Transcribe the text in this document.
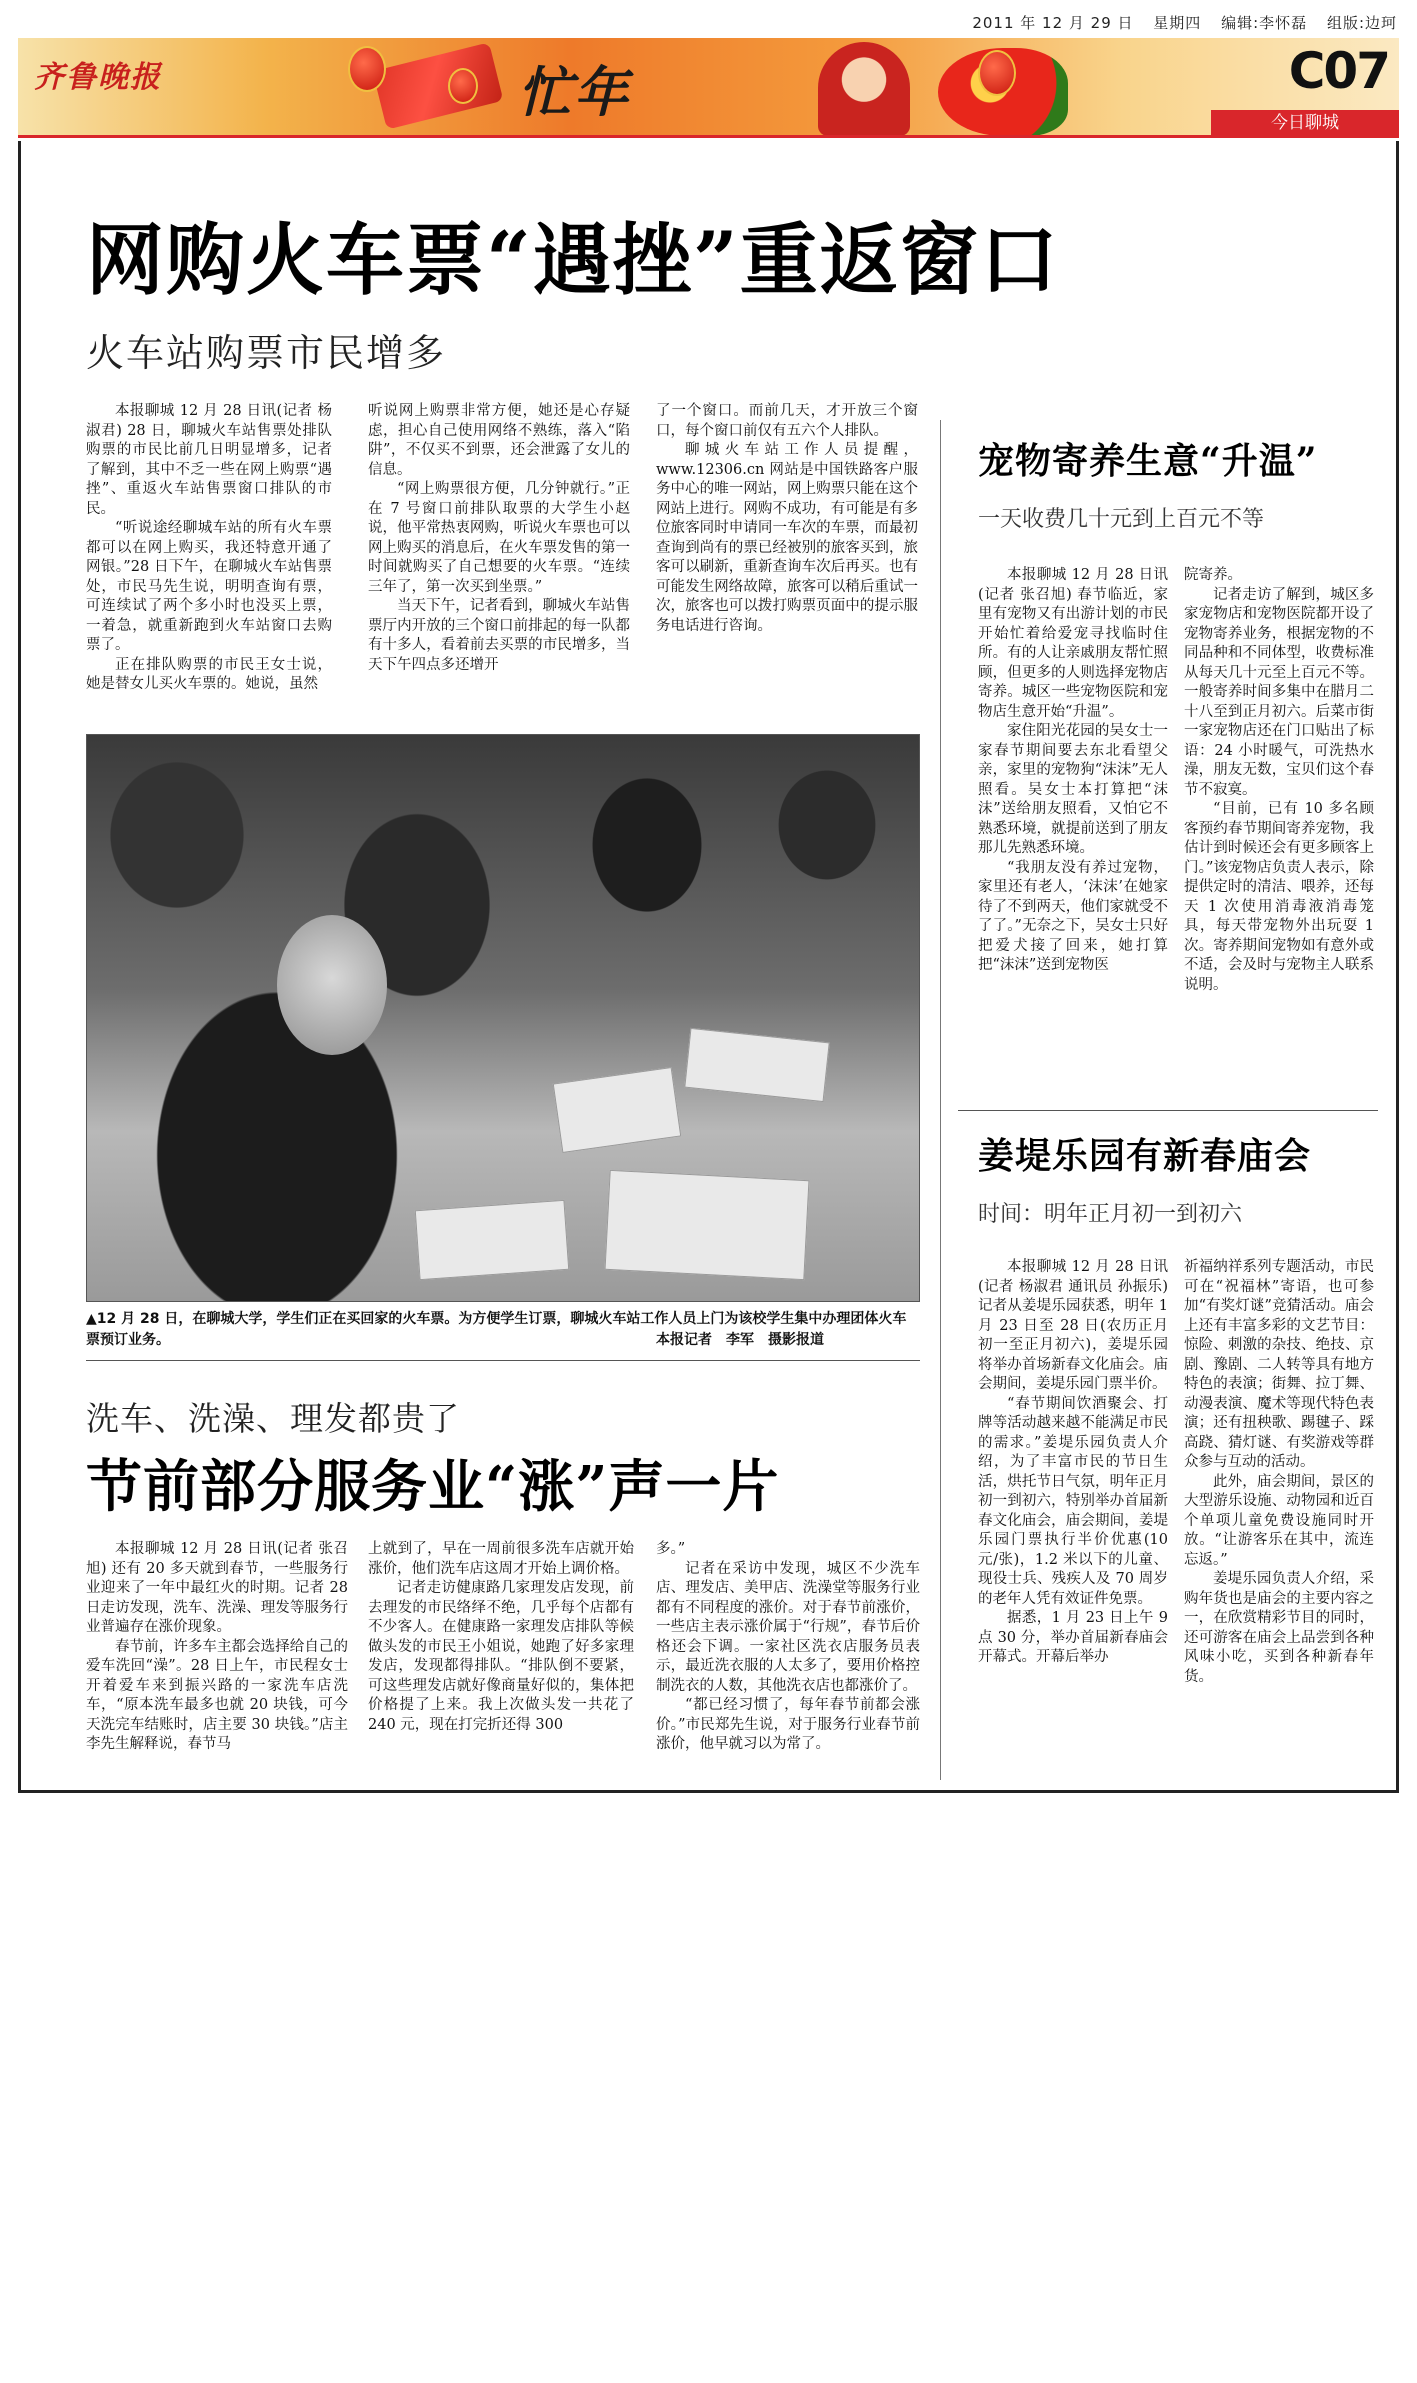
2011 年 12 月 29 日 星期四 编辑:李怀磊 组版:边珂
齐鲁晚报	忙年	C07
今日聊城
网购火车票“遇挫”重返窗口
火车站购票市民增多

本报聊城 12 月 28 日讯(记者 杨淑君) 28 日，聊城火车站售票处排队购票的市民比前几日明显增多，记者了解到，其中不乏一些在网上购票“遇挫”、重返火车站售票窗口排队的市民。

“听说途经聊城车站的所有火车票都可以在网上购买，我还特意开通了网银。”28 日下午，在聊城火车站售票处，市民马先生说，明明查询有票，可连续试了两个多小时也没买上票，一着急，就重新跑到火车站窗口去购票了。

正在排队购票的市民王女士说，她是替女儿买火车票的。她说，虽然

听说网上购票非常方便，她还是心存疑虑，担心自己使用网络不熟练，落入“陷阱”，不仅买不到票，还会泄露了女儿的信息。

“网上购票很方便，几分钟就行。”正在 7 号窗口前排队取票的大学生小赵说，他平常热衷网购，听说火车票也可以网上购买的消息后，在火车票发售的第一时间就购买了自己想要的火车票。“连续三年了，第一次买到坐票。”

当天下午，记者看到，聊城火车站售票厅内开放的三个窗口前排起的每一队都有十多人，看着前去买票的市民增多，当天下午四点多还增开

了一个窗口。而前几天，才开放三个窗口，每个窗口前仅有五六个人排队。

聊城火车站工作人员提醒，www.12306.cn 网站是中国铁路客户服务中心的唯一网站，网上购票只能在这个网站上进行。网购不成功，有可能是有多位旅客同时申请同一车次的车票，而最初查询到尚有的票已经被别的旅客买到，旅客可以刷新，重新查询车次后再买。也有可能发生网络故障，旅客可以稍后重试一次，旅客也可以拨打购票页面中的提示服务电话进行咨询。

▲12 月 28 日，在聊城大学，学生们正在买回家的火车票。为方便学生订票，聊城火车站工作人员上门为该校学生集中办理团体火车票预订业务。	本报记者　李军　摄影报道
洗车、洗澡、理发都贵了
节前部分服务业“涨”声一片

本报聊城 12 月 28 日讯(记者 张召旭) 还有 20 多天就到春节，一些服务行业迎来了一年中最红火的时期。记者 28 日走访发现，洗车、洗澡、理发等服务行业普遍存在涨价现象。

春节前，许多车主都会选择给自己的爱车洗回“澡”。28 日上午，市民程女士开着爱车来到振兴路的一家洗车店洗车，“原本洗车最多也就 20 块钱，可今天洗完车结账时，店主要 30 块钱。”店主李先生解释说，春节马

上就到了，早在一周前很多洗车店就开始涨价，他们洗车店这周才开始上调价格。

记者走访健康路几家理发店发现，前去理发的市民络绎不绝，几乎每个店都有不少客人。在健康路一家理发店排队等候做头发的市民王小姐说，她跑了好多家理发店，发现都得排队。“排队倒不要紧，可这些理发店就好像商量好似的，集体把价格提了上来。我上次做头发一共花了 240 元，现在打完折还得 300

多。”

记者在采访中发现，城区不少洗车店、理发店、美甲店、洗澡堂等服务行业都有不同程度的涨价。对于春节前涨价，一些店主表示涨价属于“行规”，春节后价格还会下调。一家社区洗衣店服务员表示，最近洗衣服的人太多了，要用价格控制洗衣的人数，其他洗衣店也都涨价了。

“都已经习惯了，每年春节前都会涨价。”市民郑先生说，对于服务行业春节前涨价，他早就习以为常了。

宠物寄养生意“升温”
一天收费几十元到上百元不等

本报聊城 12 月 28 日讯(记者 张召旭) 春节临近，家里有宠物又有出游计划的市民开始忙着给爱宠寻找临时住所。有的人让亲戚朋友帮忙照顾，但更多的人则选择宠物店寄养。城区一些宠物医院和宠物店生意开始“升温”。

家住阳光花园的吴女士一家春节期间要去东北看望父亲，家里的宠物狗“沫沫”无人照看。吴女士本打算把“沫沫”送给朋友照看，又怕它不熟悉环境，就提前送到了朋友那儿先熟悉环境。

“我朋友没有养过宠物，家里还有老人，‘沫沫’在她家待了不到两天，他们家就受不了了。”无奈之下，吴女士只好把爱犬接了回来，她打算把“沫沫”送到宠物医

院寄养。

记者走访了解到，城区多家宠物店和宠物医院都开设了宠物寄养业务，根据宠物的不同品种和不同体型，收费标准从每天几十元至上百元不等。一般寄养时间多集中在腊月二十八至到正月初六。后菜市街一家宠物店还在门口贴出了标语：24 小时暖气，可洗热水澡，朋友无数，宝贝们这个春节不寂寞。

“目前，已有 10 多名顾客预约春节期间寄养宠物，我估计到时候还会有更多顾客上门。”该宠物店负责人表示，除提供定时的清洁、喂养，还每天 1 次使用消毒液消毒笼具，每天带宠物外出玩耍 1 次。寄养期间宠物如有意外或不适，会及时与宠物主人联系说明。

姜堤乐园有新春庙会
时间：明年正月初一到初六

本报聊城 12 月 28 日讯(记者 杨淑君 通讯员 孙振乐) 记者从姜堤乐园获悉，明年 1 月 23 日至 28 日(农历正月初一至正月初六)，姜堤乐园将举办首场新春文化庙会。庙会期间，姜堤乐园门票半价。

“春节期间饮酒聚会、打牌等活动越来越不能满足市民的需求。”姜堤乐园负责人介绍，为了丰富市民的节日生活，烘托节日气氛，明年正月初一到初六，特别举办首届新春文化庙会，庙会期间，姜堤乐园门票执行半价优惠(10 元/张)，1.2 米以下的儿童、现役士兵、残疾人及 70 周岁的老年人凭有效证件免票。

据悉，1 月 23 日上午 9 点 30 分，举办首届新春庙会开幕式。开幕后举办

祈福纳祥系列专题活动，市民可在“祝福林”寄语，也可参加“有奖灯谜”竞猜活动。庙会上还有丰富多彩的文艺节目：惊险、刺激的杂技、绝技、京剧、豫剧、二人转等具有地方特色的表演；街舞、拉丁舞、动漫表演、魔术等现代特色表演；还有扭秧歌、踢毽子、踩高跷、猜灯谜、有奖游戏等群众参与互动的活动。

此外，庙会期间，景区的大型游乐设施、动物园和近百个单项儿童免费设施同时开放。“让游客乐在其中，流连忘返。”

姜堤乐园负责人介绍，采购年货也是庙会的主要内容之一，在欣赏精彩节目的同时，还可游客在庙会上品尝到各种风味小吃，买到各种新春年货。
